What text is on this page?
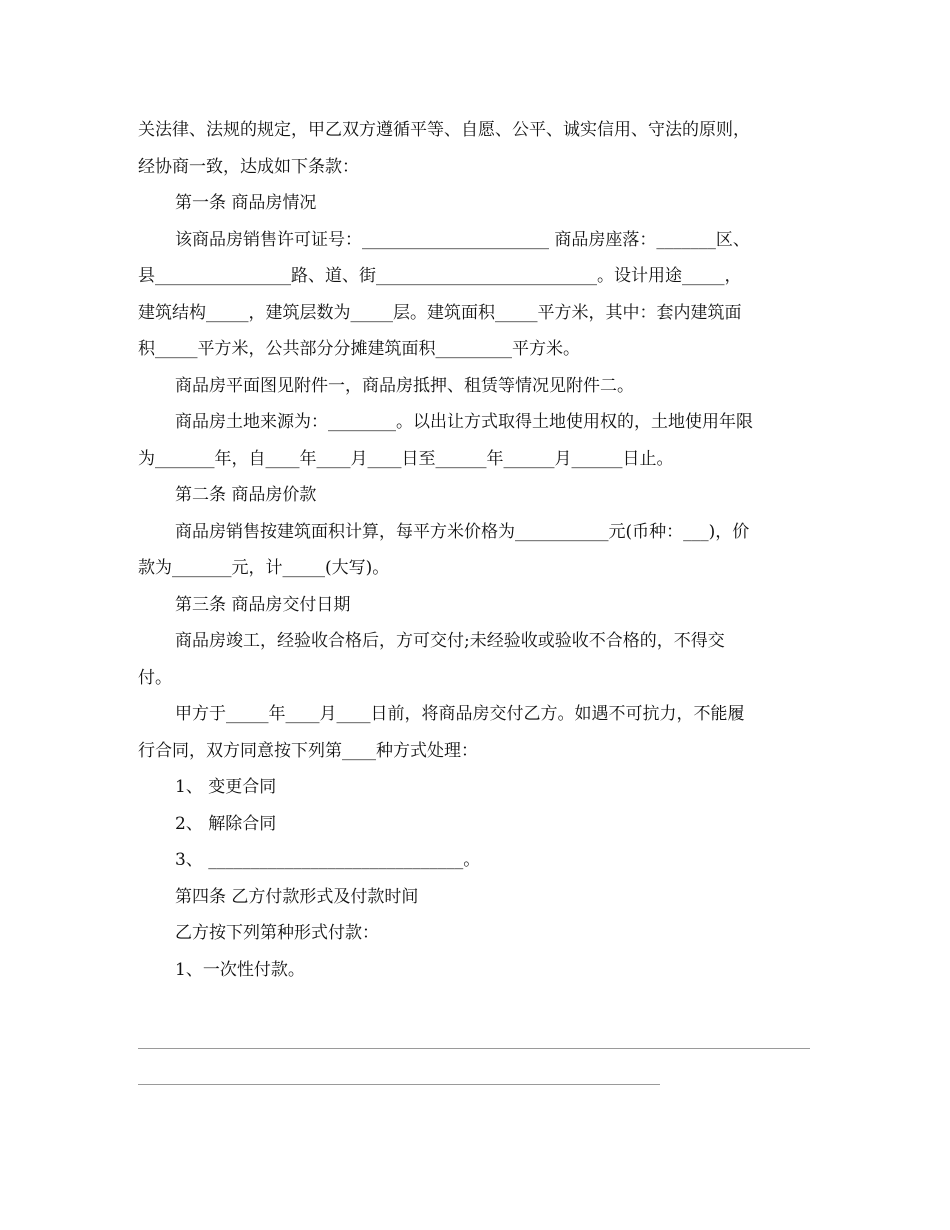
关法律、法规的规定，甲乙双方遵循平等、自愿、公平、诚实信用、守法的原则，

经协商一致，达成如下条款：

第一条 商品房情况

该商品房销售许可证号：______________________ 商品房座落：_______区、

县________________路、道、街__________________________。设计用途_____，

建筑结构_____，建筑层数为_____层。建筑面积_____平方米，其中：套内建筑面

积_____平方米，公共部分分摊建筑面积_________平方米。

商品房平面图见附件一，商品房抵押、租赁等情况见附件二。

商品房土地来源为：________。以出让方式取得土地使用权的，土地使用年限

为_______年，自____年____月____日至______年______月______日止。

第二条 商品房价款

商品房销售按建筑面积计算，每平方米价格为___________元(币种：___)，价

款为_______元，计_____(大写)。

第三条 商品房交付日期

商品房竣工，经验收合格后，方可交付;未经验收或验收不合格的，不得交

付。

甲方于_____年____月____日前，将商品房交付乙方。如遇不可抗力，不能履

行合同，双方同意按下列第____种方式处理：

1、 变更合同

2、 解除合同

3、 ______________________________。

第四条 乙方付款形式及付款时间

乙方按下列第种形式付款：

1、一次性付款。
